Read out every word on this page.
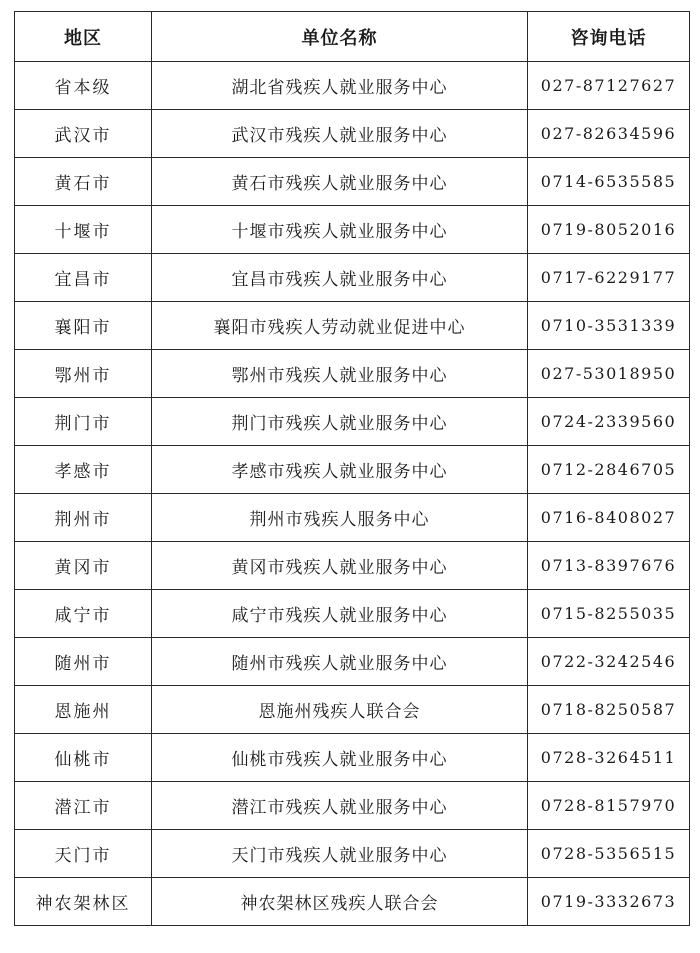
地区	单位名称	咨询电话
省本级	湖北省残疾人就业服务中心	027-87127627
武汉市	武汉市残疾人就业服务中心	027-82634596
黄石市	黄石市残疾人就业服务中心	0714-6535585
十堰市	十堰市残疾人就业服务中心	0719-8052016
宜昌市	宜昌市残疾人就业服务中心	0717-6229177
襄阳市	襄阳市残疾人劳动就业促进中心	0710-3531339
鄂州市	鄂州市残疾人就业服务中心	027-53018950
荆门市	荆门市残疾人就业服务中心	0724-2339560
孝感市	孝感市残疾人就业服务中心	0712-2846705
荆州市	荆州市残疾人服务中心	0716-8408027
黄冈市	黄冈市残疾人就业服务中心	0713-8397676
咸宁市	咸宁市残疾人就业服务中心	0715-8255035
随州市	随州市残疾人就业服务中心	0722-3242546
恩施州	恩施州残疾人联合会	0718-8250587
仙桃市	仙桃市残疾人就业服务中心	0728-3264511
潜江市	潜江市残疾人就业服务中心	0728-8157970
天门市	天门市残疾人就业服务中心	0728-5356515
神农架林区	神农架林区残疾人联合会	0719-3332673
